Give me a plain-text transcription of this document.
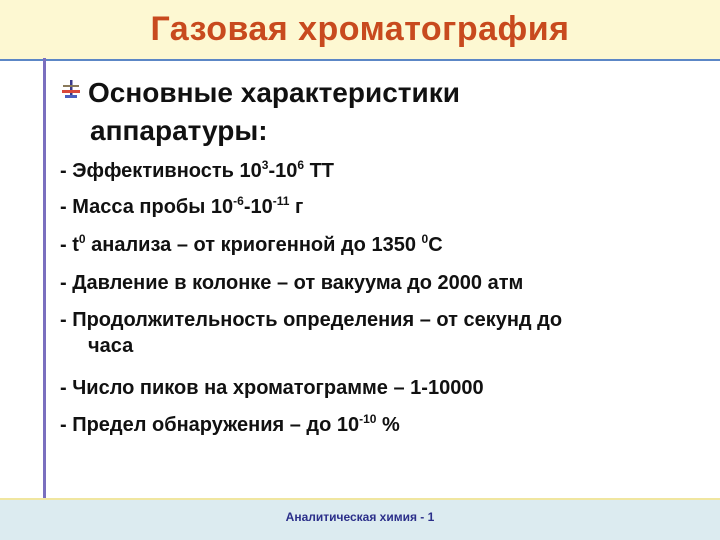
Газовая хроматография
Основные характеристики
аппаратуры:
- Эффективность $10^3-10^6$ ТТ
- Масса пробы $10^{-6}-10^{-11}$ г
- $t^0$ анализа – от криогенной до 1350 $^0$С
- Давление в колонке – от вакуума до 2000 атм
- Продолжительность определения – от секунд до
часа
- Число пиков на хроматограмме – 1-10000
- Предел обнаружения – до $10^{-10}$ %
Аналитическая химия - 1
